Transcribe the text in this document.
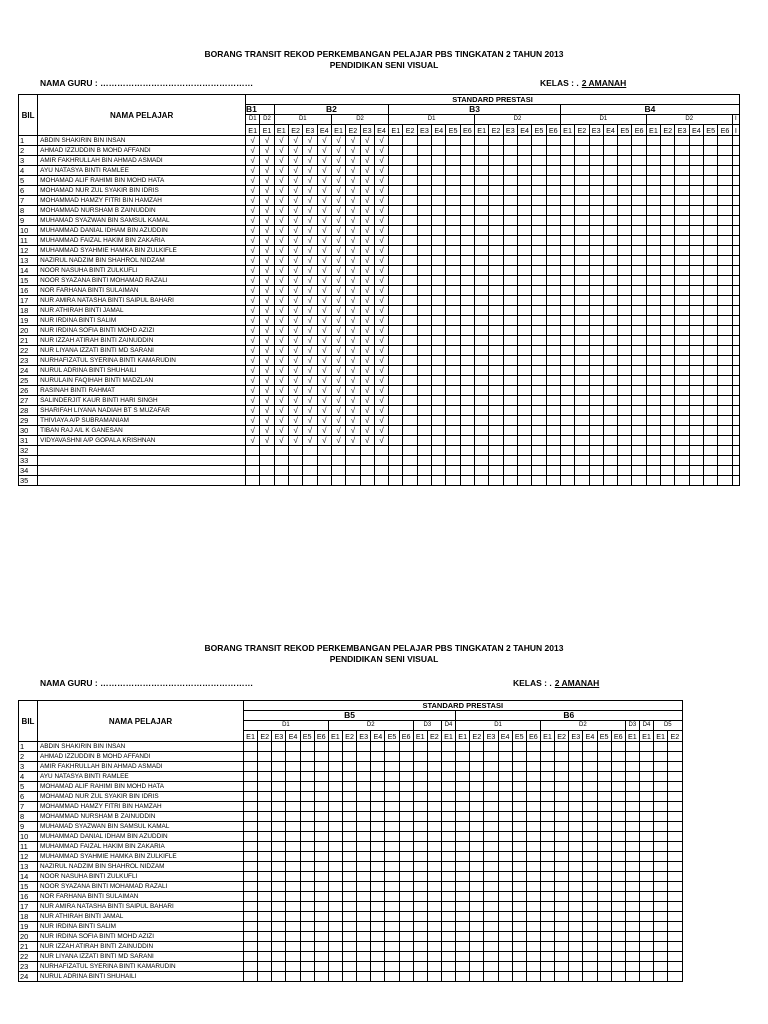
BORANG TRANSIT REKOD PERKEMBANGAN PELAJAR PBS TINGKATAN 2 TAHUN 2013
PENDIDIKAN SENI VISUAL
NAMA GURU : ………………………………………………	KELAS : . 2 AMANAH
BIL	NAMA PELAJAR	STANDARD PRESTASI																																		
		B1		B2								B3												B4												
		D1	D2	D1				D2				D1						D2						D1						D2						I
		E1	E1	E1	E2	E3	E4	E1	E2	E3	E4	E1	E2	E3	E4	E5	E6	E1	E2	E3	E4	E5	E6	E1	E2	E3	E4	E5	E6	E1	E2	E3	E4	E5	E6	I
1	ABDIN SHAKIRIN BIN INSAN	√	√	√	√	√	√	√	√	√	√																									
2	AHMAD IZZUDDIN B MOHD AFFANDI	√	√	√	√	√	√	√	√	√	√																									
3	AMIR FAKHRULLAH BIN AHMAD ASMADI	√	√	√	√	√	√	√	√	√	√																									
4	AYU NATASYA BINTI RAMLEE	√	√	√	√	√	√	√	√	√	√																									
5	MOHAMAD ALIF RAHIMI BIN MOHD HATA	√	√	√	√	√	√	√	√	√	√																									
6	MOHAMAD NUR ZUL SYAKIR BIN IDRIS	√	√	√	√	√	√	√	√	√	√																									
7	MOHAMMAD HAMZY FITRI BIN HAMZAH	√	√	√	√	√	√	√	√	√	√																									
8	MOHAMMAD NURSHAM B ZAINUDDIN	√	√	√	√	√	√	√	√	√	√																									
9	MUHAMAD SYAZWAN BIN SAMSUL KAMAL	√	√	√	√	√	√	√	√	√	√																									
10	MUHAMMAD DANIAL IDHAM BIN AZUDDIN	√	√	√	√	√	√	√	√	√	√																									
11	MUHAMMAD FAIZAL HAKIM BIN ZAKARIA	√	√	√	√	√	√	√	√	√	√																									
12	MUHAMMAD SYAHMIE HAMKA BIN ZULKIFLE	√	√	√	√	√	√	√	√	√	√																									
13	NAZIRUL NADZIM BIN SHAHROL NIDZAM	√	√	√	√	√	√	√	√	√	√																									
14	NOOR NASUHA BINTI ZULKUFLI	√	√	√	√	√	√	√	√	√	√																									
15	NOOR SYAZANA BINTI MOHAMAD RAZALI	√	√	√	√	√	√	√	√	√	√																									
16	NOR FARHANA BINTI SULAIMAN	√	√	√	√	√	√	√	√	√	√																									
17	NUR AMIRA NATASHA BINTI SAIPUL BAHARI	√	√	√	√	√	√	√	√	√	√																									
18	NUR ATHIRAH BINTI JAMAL	√	√	√	√	√	√	√	√	√	√																									
19	NUR IRDINA BINTI SALIM	√	√	√	√	√	√	√	√	√	√																									
20	NUR IRDINA SOFIA BINTI MOHD AZIZI	√	√	√	√	√	√	√	√	√	√																									
21	NUR IZZAH ATIRAH BINTI ZAINUDDIN	√	√	√	√	√	√	√	√	√	√																									
22	NUR LIYANA IZZATI BINTI MD SARANI	√	√	√	√	√	√	√	√	√	√																									
23	NURHAFIZATUL SYERINA BINTI KAMARUDIN	√	√	√	√	√	√	√	√	√	√																									
24	NURUL ADRINA BINTI SHUHAILI	√	√	√	√	√	√	√	√	√	√																									
25	NURULAIN FAQIHAH BINTI MADZLAN	√	√	√	√	√	√	√	√	√	√																									
26	RASINAH BINTI RAHMAT	√	√	√	√	√	√	√	√	√	√																									
27	SALINDERJIT KAUR BINTI HARI SINGH	√	√	√	√	√	√	√	√	√	√																									
28	SHARIFAH LIYANA NADIAH BT S MUZAFAR	√	√	√	√	√	√	√	√	√	√																									
29	THIVIAYA A/P SUBRAMANIAM	√	√	√	√	√	√	√	√	√	√																									
30	TIBAN RAJ A/L K GANESAN	√	√	√	√	√	√	√	√	√	√																									
31	VIDYAVASHNI A/P GOPALA KRISHNAN	√	√	√	√	√	√	√	√	√	√																									
32																																				
33																																				
34																																				
35																																				
BORANG TRANSIT REKOD PERKEMBANGAN PELAJAR PBS TINGKATAN 2 TAHUN 2013
PENDIDIKAN SENI VISUAL
NAMA GURU : ………………………………………………	KELAS : . 2 AMANAH
BIL	NAMA PELAJAR	STANDARD PRESTASI																														
		B5															B6															
		D1						D2						D3		D4	D1						D2						D3	D4	D5	
		E1	E2	E3	E4	E5	E6	E1	E2	E3	E4	E5	E6	E1	E2	E1	E1	E2	E3	E4	E5	E6	E1	E2	E3	E4	E5	E6	E1	E1	E1	E2
1	ABDIN SHAKIRIN BIN INSAN																															
2	AHMAD IZZUDDIN B MOHD AFFANDI																															
3	AMIR FAKHRULLAH BIN AHMAD ASMADI																															
4	AYU NATASYA BINTI RAMLEE																															
5	MOHAMAD ALIF RAHIMI BIN MOHD HATA																															
6	MOHAMAD NUR ZUL SYAKIR BIN IDRIS																															
7	MOHAMMAD HAMZY FITRI BIN HAMZAH																															
8	MOHAMMAD NURSHAM B ZAINUDDIN																															
9	MUHAMAD SYAZWAN BIN SAMSUL KAMAL																															
10	MUHAMMAD DANIAL IDHAM BIN AZUDDIN																															
11	MUHAMMAD FAIZAL HAKIM BIN ZAKARIA																															
12	MUHAMMAD SYAHMIE HAMKA BIN ZULKIFLE																															
13	NAZIRUL NADZIM BIN SHAHROL NIDZAM																															
14	NOOR NASUHA BINTI ZULKUFLI																															
15	NOOR SYAZANA BINTI MOHAMAD RAZALI																															
16	NOR FARHANA BINTI SULAIMAN																															
17	NUR AMIRA NATASHA BINTI SAIPUL BAHARI																															
18	NUR ATHIRAH BINTI JAMAL																															
19	NUR IRDINA BINTI SALIM																															
20	NUR IRDINA SOFIA BINTI MOHD AZIZI																															
21	NUR IZZAH ATIRAH BINTI ZAINUDDIN																															
22	NUR LIYANA IZZATI BINTI MD SARANI																															
23	NURHAFIZATUL SYERINA BINTI KAMARUDIN																															
24	NURUL ADRINA BINTI SHUHAILI																															
